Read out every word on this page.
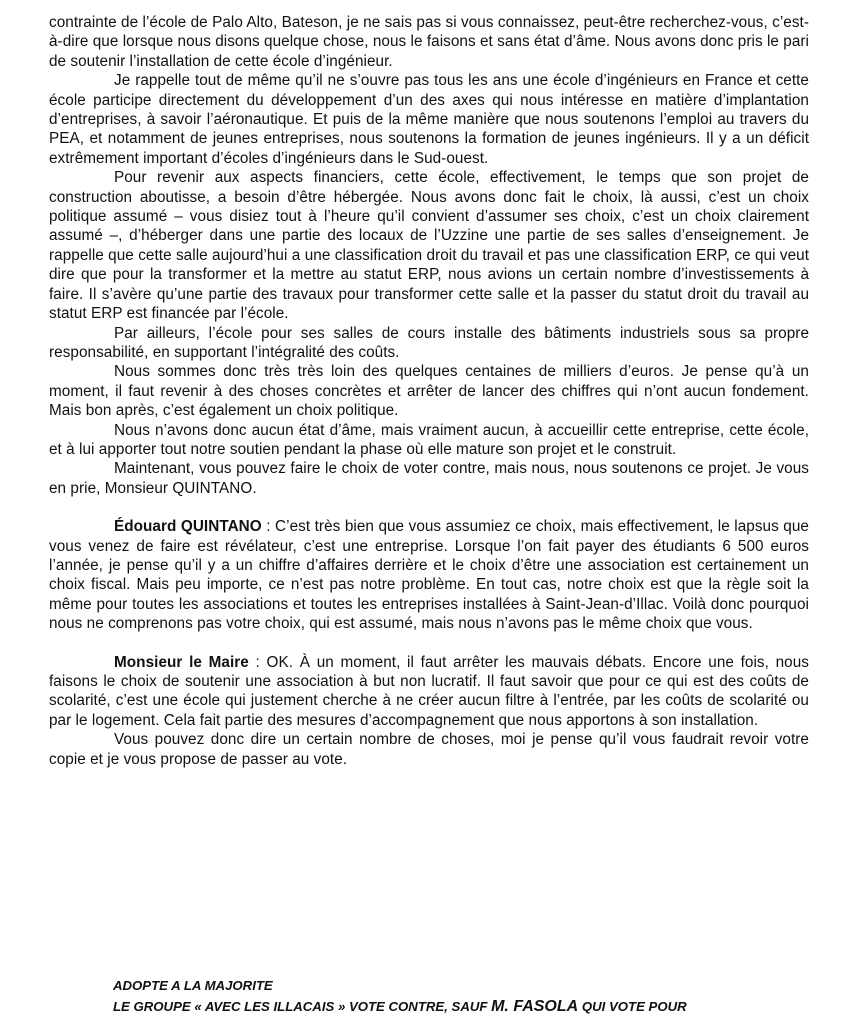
contrainte de l’école de Palo Alto, Bateson, je ne sais pas si vous connaissez, peut-être recherchez-vous, c’est-à-dire que lorsque nous disons quelque chose, nous le faisons et sans état d’âme. Nous avons donc pris le pari de soutenir l’installation de cette école d’ingénieur.

Je rappelle tout de même qu’il ne s’ouvre pas tous les ans une école d’ingénieurs en France et cette école participe directement du développement d’un des axes qui nous intéresse en matière d’implantation d’entreprises, à savoir l’aéronautique. Et puis de la même manière que nous soutenons l’emploi au travers du PEA, et notamment de jeunes entreprises, nous soutenons la formation de jeunes ingénieurs. Il y a un déficit extrêmement important d’écoles d’ingénieurs dans le Sud-ouest.

Pour revenir aux aspects financiers, cette école, effectivement, le temps que son projet de construction aboutisse, a besoin d’être hébergée. Nous avons donc fait le choix, là aussi, c’est un choix politique assumé – vous disiez tout à l’heure qu’il convient d’assumer ses choix, c’est un choix clairement assumé –, d’héberger dans une partie des locaux de l’Uzzine une partie de ses salles d’enseignement. Je rappelle que cette salle aujourd’hui a une classification droit du travail et pas une classification ERP, ce qui veut dire que pour la transformer et la mettre au statut ERP, nous avions un certain nombre d’investissements à faire. Il s’avère qu’une partie des travaux pour transformer cette salle et la passer du statut droit du travail au statut ERP est financée par l’école.

Par ailleurs, l’école pour ses salles de cours installe des bâtiments industriels sous sa propre responsabilité, en supportant l’intégralité des coûts.

Nous sommes donc très très loin des quelques centaines de milliers d’euros. Je pense qu’à un moment, il faut revenir à des choses concrètes et arrêter de lancer des chiffres qui n’ont aucun fondement. Mais bon après, c’est également un choix politique.

Nous n’avons donc aucun état d’âme, mais vraiment aucun, à accueillir cette entreprise, cette école, et à lui apporter tout notre soutien pendant la phase où elle mature son projet et le construit.

Maintenant, vous pouvez faire le choix de voter contre, mais nous, nous soutenons ce projet. Je vous en prie, Monsieur QUINTANO.

Édouard QUINTANO : C’est très bien que vous assumiez ce choix, mais effectivement, le lapsus que vous venez de faire est révélateur, c’est une entreprise. Lorsque l’on fait payer des étudiants 6 500 euros l’année, je pense qu’il y a un chiffre d’affaires derrière et le choix d’être une association est certainement un choix fiscal. Mais peu importe, ce n’est pas notre problème. En tout cas, notre choix est que la règle soit la même pour toutes les associations et toutes les entreprises installées à Saint-Jean-d’Illac. Voilà donc pourquoi nous ne comprenons pas votre choix, qui est assumé, mais nous n’avons pas le même choix que vous.

Monsieur le Maire : OK. À un moment, il faut arrêter les mauvais débats. Encore une fois, nous faisons le choix de soutenir une association à but non lucratif. Il faut savoir que pour ce qui est des coûts de scolarité, c’est une école qui justement cherche à ne créer aucun filtre à l’entrée, par les coûts de scolarité ou par le logement. Cela fait partie des mesures d’accompagnement que nous apportons à son installation.

Vous pouvez donc dire un certain nombre de choses, moi je pense qu’il vous faudrait revoir votre copie et je vous propose de passer au vote.

ADOPTE A LA MAJORITE
LE GROUPE « AVEC LES ILLACAIS » VOTE CONTRE, SAUF M. FASOLA QUI VOTE POUR
